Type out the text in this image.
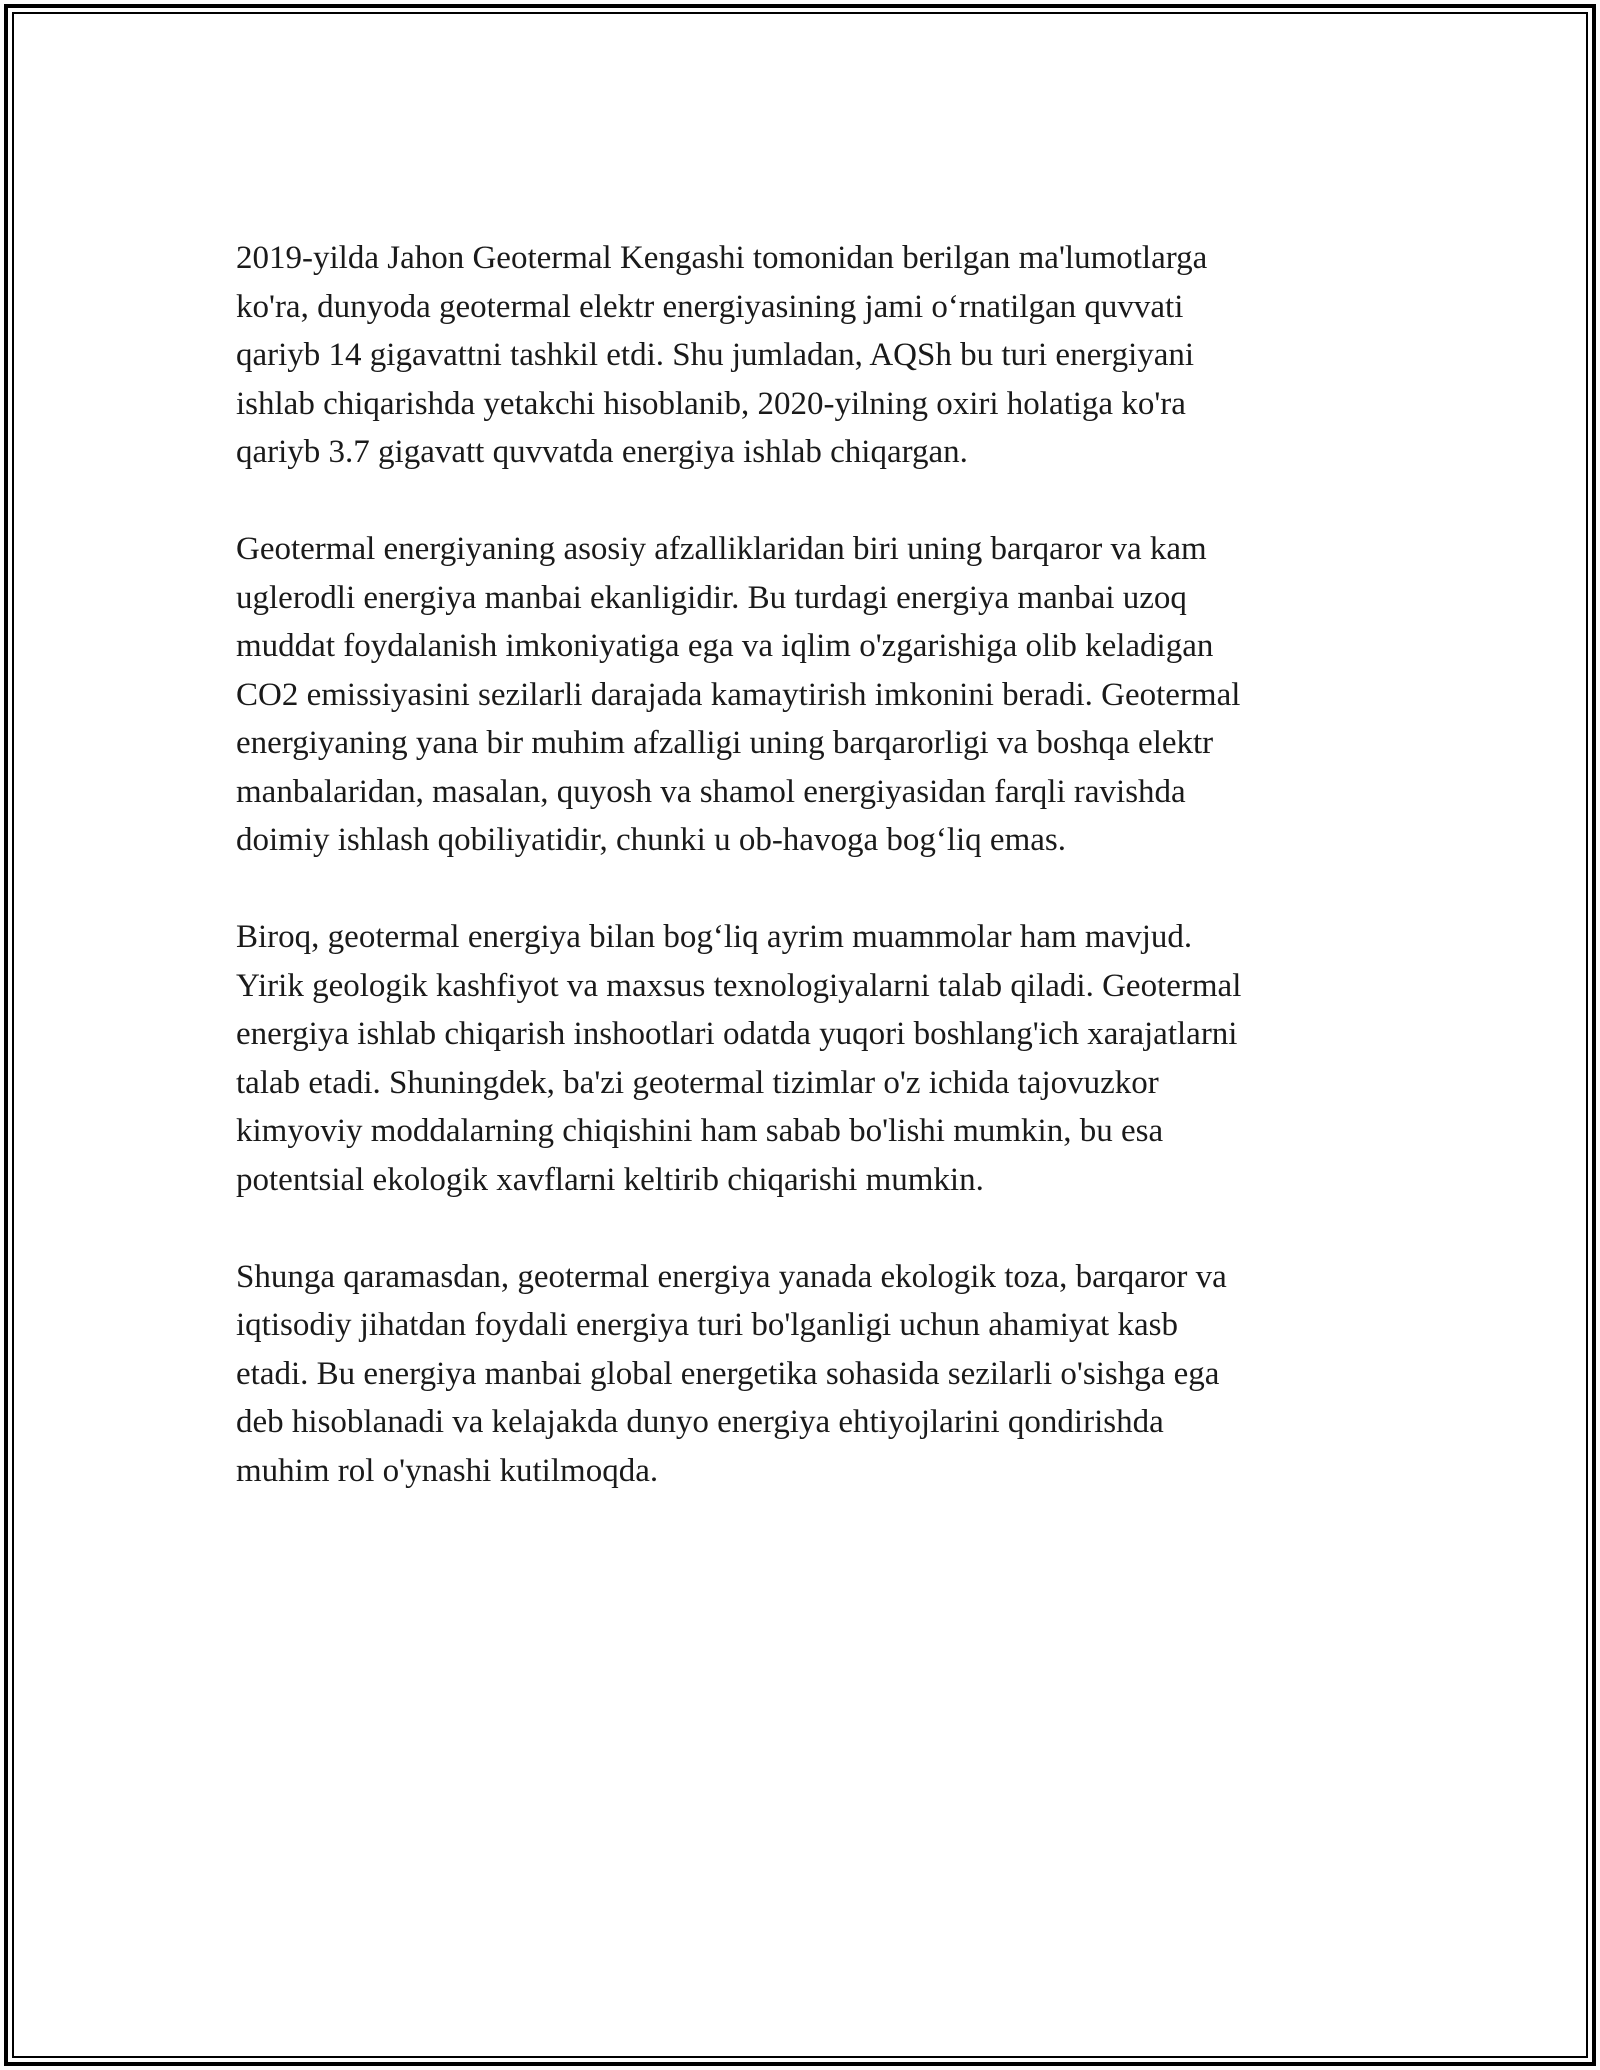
2019-yilda Jahon Geotermal Kengashi tomonidan berilgan ma'lumotlarga
ko'ra, dunyoda geotermal elektr energiyasining jami o‘rnatilgan quvvati
qariyb 14 gigavattni tashkil etdi. Shu jumladan, AQSh bu turi energiyani
ishlab chiqarishda yetakchi hisoblanib, 2020-yilning oxiri holatiga ko'ra
qariyb 3.7 gigavatt quvvatda energiya ishlab chiqargan.

Geotermal energiyaning asosiy afzalliklaridan biri uning barqaror va kam
uglerodli energiya manbai ekanligidir. Bu turdagi energiya manbai uzoq
muddat foydalanish imkoniyatiga ega va iqlim o'zgarishiga olib keladigan
CO2 emissiyasini sezilarli darajada kamaytirish imkonini beradi. Geotermal
energiyaning yana bir muhim afzalligi uning barqarorligi va boshqa elektr
manbalaridan, masalan, quyosh va shamol energiyasidan farqli ravishda
doimiy ishlash qobiliyatidir, chunki u ob-havoga bog‘liq emas.

Biroq, geotermal energiya bilan bog‘liq ayrim muammolar ham mavjud.
Yirik geologik kashfiyot va maxsus texnologiyalarni talab qiladi. Geotermal
energiya ishlab chiqarish inshootlari odatda yuqori boshlang'ich xarajatlarni
talab etadi. Shuningdek, ba'zi geotermal tizimlar o'z ichida tajovuzkor
kimyoviy moddalarning chiqishini ham sabab bo'lishi mumkin, bu esa
potentsial ekologik xavflarni keltirib chiqarishi mumkin.

Shunga qaramasdan, geotermal energiya yanada ekologik toza, barqaror va
iqtisodiy jihatdan foydali energiya turi bo'lganligi uchun ahamiyat kasb
etadi. Bu energiya manbai global energetika sohasida sezilarli o'sishga ega
deb hisoblanadi va kelajakda dunyo energiya ehtiyojlarini qondirishda
muhim rol o'ynashi kutilmoqda.
